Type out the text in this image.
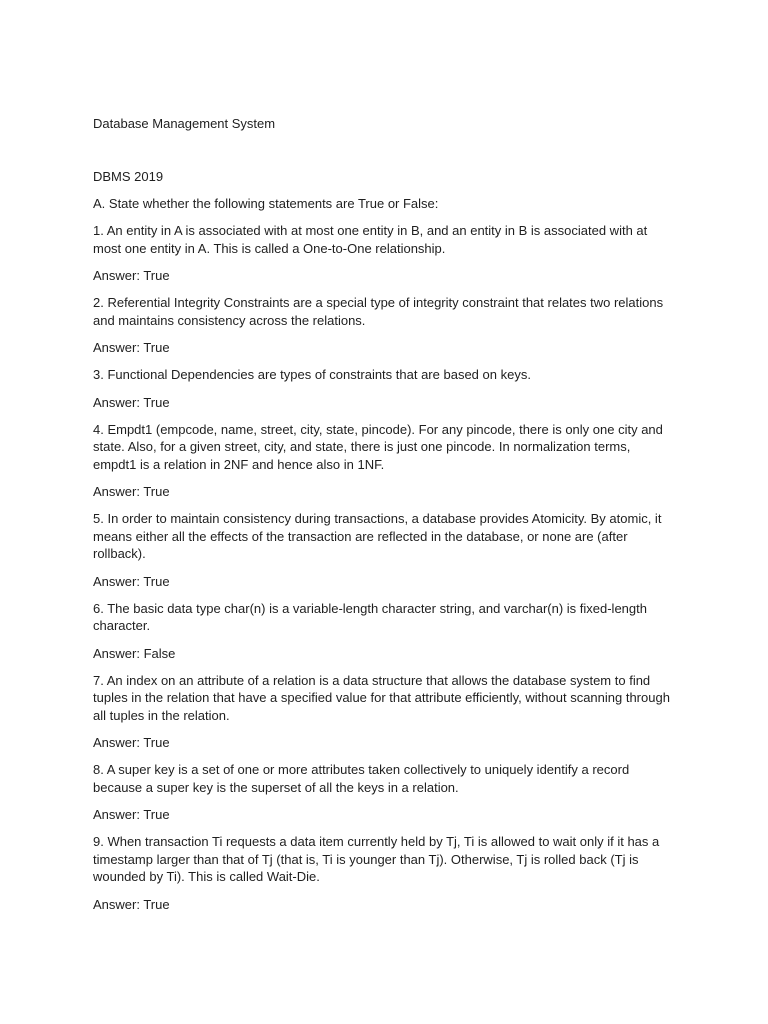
Database Management System

DBMS 2019

A. State whether the following statements are True or False:

1. An entity in A is associated with at most one entity in B, and an entity in B is associated with at most one entity in A. This is called a One-to-One relationship.

Answer: True

2. Referential Integrity Constraints are a special type of integrity constraint that relates two relations and maintains consistency across the relations.

Answer: True

3. Functional Dependencies are types of constraints that are based on keys.

Answer: True

4. Empdt1 (empcode, name, street, city, state, pincode). For any pincode, there is only one city and state. Also, for a given street, city, and state, there is just one pincode. In normalization terms, empdt1 is a relation in 2NF and hence also in 1NF.

Answer: True

5. In order to maintain consistency during transactions, a database provides Atomicity. By atomic, it means either all the effects of the transaction are reflected in the database, or none are (after rollback).

Answer: True

6. The basic data type char(n) is a variable-length character string, and varchar(n) is fixed-length character.

Answer: False

7. An index on an attribute of a relation is a data structure that allows the database system to find tuples in the relation that have a specified value for that attribute efficiently, without scanning through all tuples in the relation.

Answer: True

8. A super key is a set of one or more attributes taken collectively to uniquely identify a record because a super key is the superset of all the keys in a relation.

Answer: True

9. When transaction Ti requests a data item currently held by Tj, Ti is allowed to wait only if it has a timestamp larger than that of Tj (that is, Ti is younger than Tj). Otherwise, Tj is rolled back (Tj is wounded by Ti). This is called Wait-Die.

Answer: True
